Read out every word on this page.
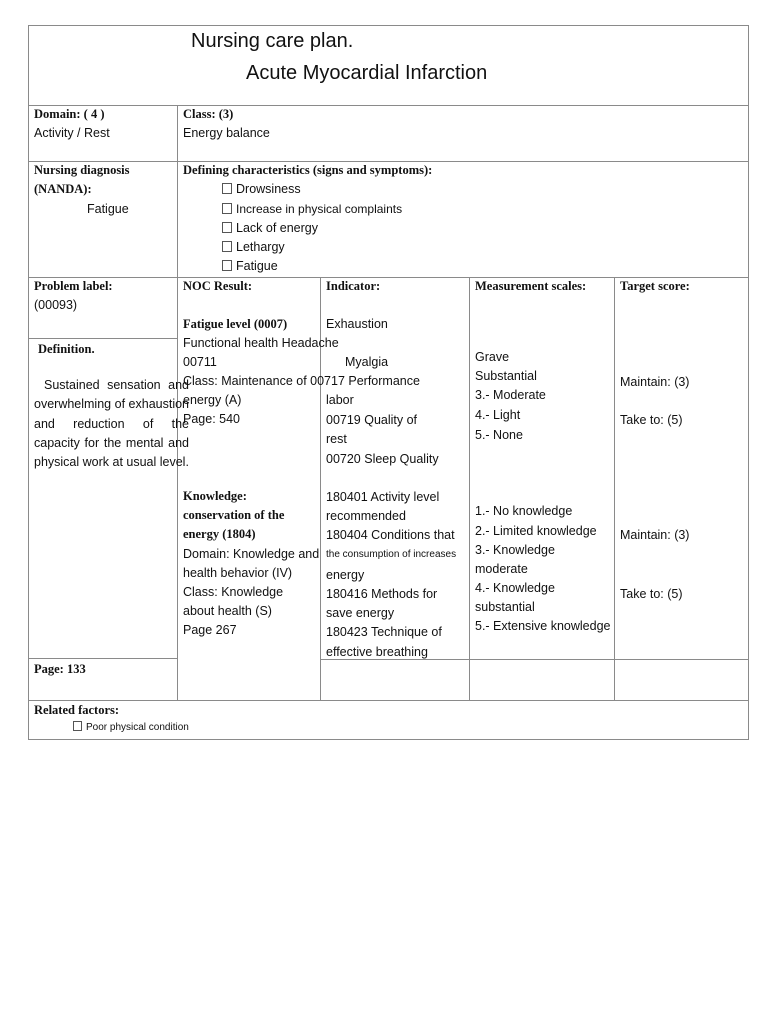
Nursing care plan.
Acute Myocardial Infarction
Domain: ( 4 )
Activity / Rest
Class: (3)
Energy balance
Nursing diagnosis
(NANDA):
Fatigue
Defining characteristics (signs and symptoms):
Drowsiness
Increase in physical complaints
Lack of energy
Lethargy
Fatigue
Problem label:
(00093)
Definition.
Sustained sensation and overwhelming of exhaustion and reduction of the capacity for the mental and physical work at usual level.
Page: 133
NOC Result:
Fatigue level (0007)
Functional health Headache
00711
Class: Maintenance of 00717 Performance
energy (A)
Page: 540
Knowledge:
conservation of the
energy (1804)
Domain: Knowledge and
health behavior (IV)
Class: Knowledge
about health (S)
Page 267
Indicator:
Exhaustion
Myalgia
labor
00719 Quality of
rest
00720 Sleep Quality
180401 Activity level
recommended
180404 Conditions that
the consumption of increases
energy
180416 Methods for
save energy
180423 Technique of
effective breathing
Measurement scales:
Grave
Substantial
3.- Moderate
4.- Light
5.- None
1.- No knowledge
2.- Limited knowledge
3.- Knowledge
moderate
4.- Knowledge
substantial
5.- Extensive knowledge
Target score:
Maintain: (3)
Take to: (5)
Maintain: (3)
Take to: (5)
Related factors:
Poor physical condition
